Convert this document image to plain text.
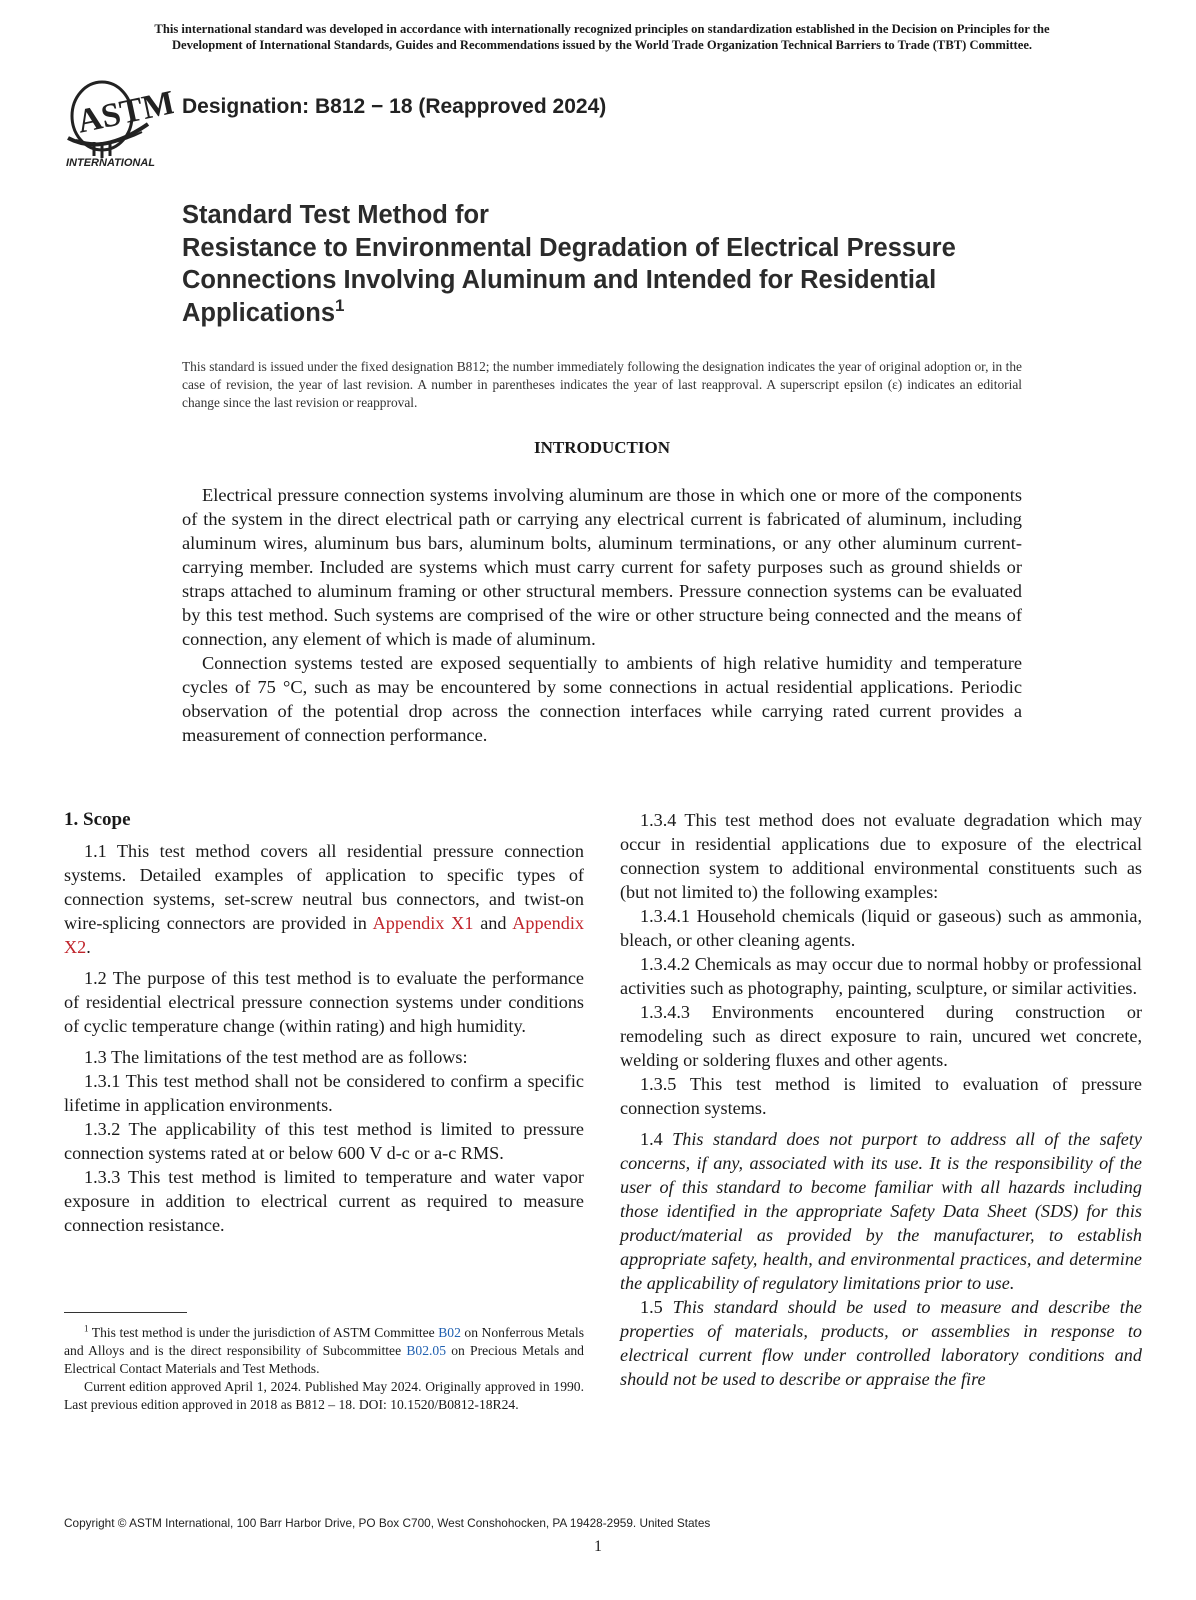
This international standard was developed in accordance with internationally recognized principles on standardization established in the Decision on Principles for the
Development of International Standards, Guides and Recommendations issued by the World Trade Organization Technical Barriers to Trade (TBT) Committee.
ASTM
INTERNATIONAL
Designation: B812 − 18 (Reapproved 2024)
Standard Test Method for
Resistance to Environmental Degradation of Electrical Pressure Connections Involving Aluminum and Intended for Residential Applications$^1$
This standard is issued under the fixed designation B812; the number immediately following the designation indicates the year of original adoption or, in the case of revision, the year of last revision. A number in parentheses indicates the year of last reapproval. A superscript epsilon (ε) indicates an editorial change since the last revision or reapproval.
INTRODUCTION

Electrical pressure connection systems involving aluminum are those in which one or more of the components of the system in the direct electrical path or carrying any electrical current is fabricated of aluminum, including aluminum wires, aluminum bus bars, aluminum bolts, aluminum terminations, or any other aluminum current-carrying member. Included are systems which must carry current for safety purposes such as ground shields or straps attached to aluminum framing or other structural members. Pressure connection systems can be evaluated by this test method. Such systems are comprised of the wire or other structure being connected and the means of connection, any element of which is made of aluminum.

Connection systems tested are exposed sequentially to ambients of high relative humidity and temperature cycles of 75 °C, such as may be encountered by some connections in actual residential applications. Periodic observation of the potential drop across the connection interfaces while carrying rated current provides a measurement of connection performance.

1. Scope

1.1 This test method covers all residential pressure connection systems. Detailed examples of application to specific types of connection systems, set-screw neutral bus connectors, and twist-on wire-splicing connectors are provided in Appendix X1 and Appendix X2.

1.2 The purpose of this test method is to evaluate the performance of residential electrical pressure connection systems under conditions of cyclic temperature change (within rating) and high humidity.

1.3 The limitations of the test method are as follows:

1.3.1 This test method shall not be considered to confirm a specific lifetime in application environments.

1.3.2 The applicability of this test method is limited to pressure connection systems rated at or below 600 V d-c or a-c RMS.

1.3.3 This test method is limited to temperature and water vapor exposure in addition to electrical current as required to measure connection resistance.

1.3.4 This test method does not evaluate degradation which may occur in residential applications due to exposure of the electrical connection system to additional environmental constituents such as (but not limited to) the following examples:

1.3.4.1 Household chemicals (liquid or gaseous) such as ammonia, bleach, or other cleaning agents.

1.3.4.2 Chemicals as may occur due to normal hobby or professional activities such as photography, painting, sculpture, or similar activities.

1.3.4.3 Environments encountered during construction or remodeling such as direct exposure to rain, uncured wet concrete, welding or soldering fluxes and other agents.

1.3.5 This test method is limited to evaluation of pressure connection systems.

1.4 This standard does not purport to address all of the safety concerns, if any, associated with its use. It is the responsibility of the user of this standard to become familiar with all hazards including those identified in the appropriate Safety Data Sheet (SDS) for this product/material as provided by the manufacturer, to establish appropriate safety, health, and environmental practices, and determine the applicability of regulatory limitations prior to use.

1.5 This standard should be used to measure and describe the properties of materials, products, or assemblies in response to electrical current flow under controlled laboratory conditions and should not be used to describe or appraise the fire

$^1$ This test method is under the jurisdiction of ASTM Committee B02 on Nonferrous Metals and Alloys and is the direct responsibility of Subcommittee B02.05 on Precious Metals and Electrical Contact Materials and Test Methods.

Current edition approved April 1, 2024. Published May 2024. Originally approved in 1990. Last previous edition approved in 2018 as B812 – 18. DOI: 10.1520/B0812-18R24.

Copyright © ASTM International, 100 Barr Harbor Drive, PO Box C700, West Conshohocken, PA 19428-2959. United States
1
